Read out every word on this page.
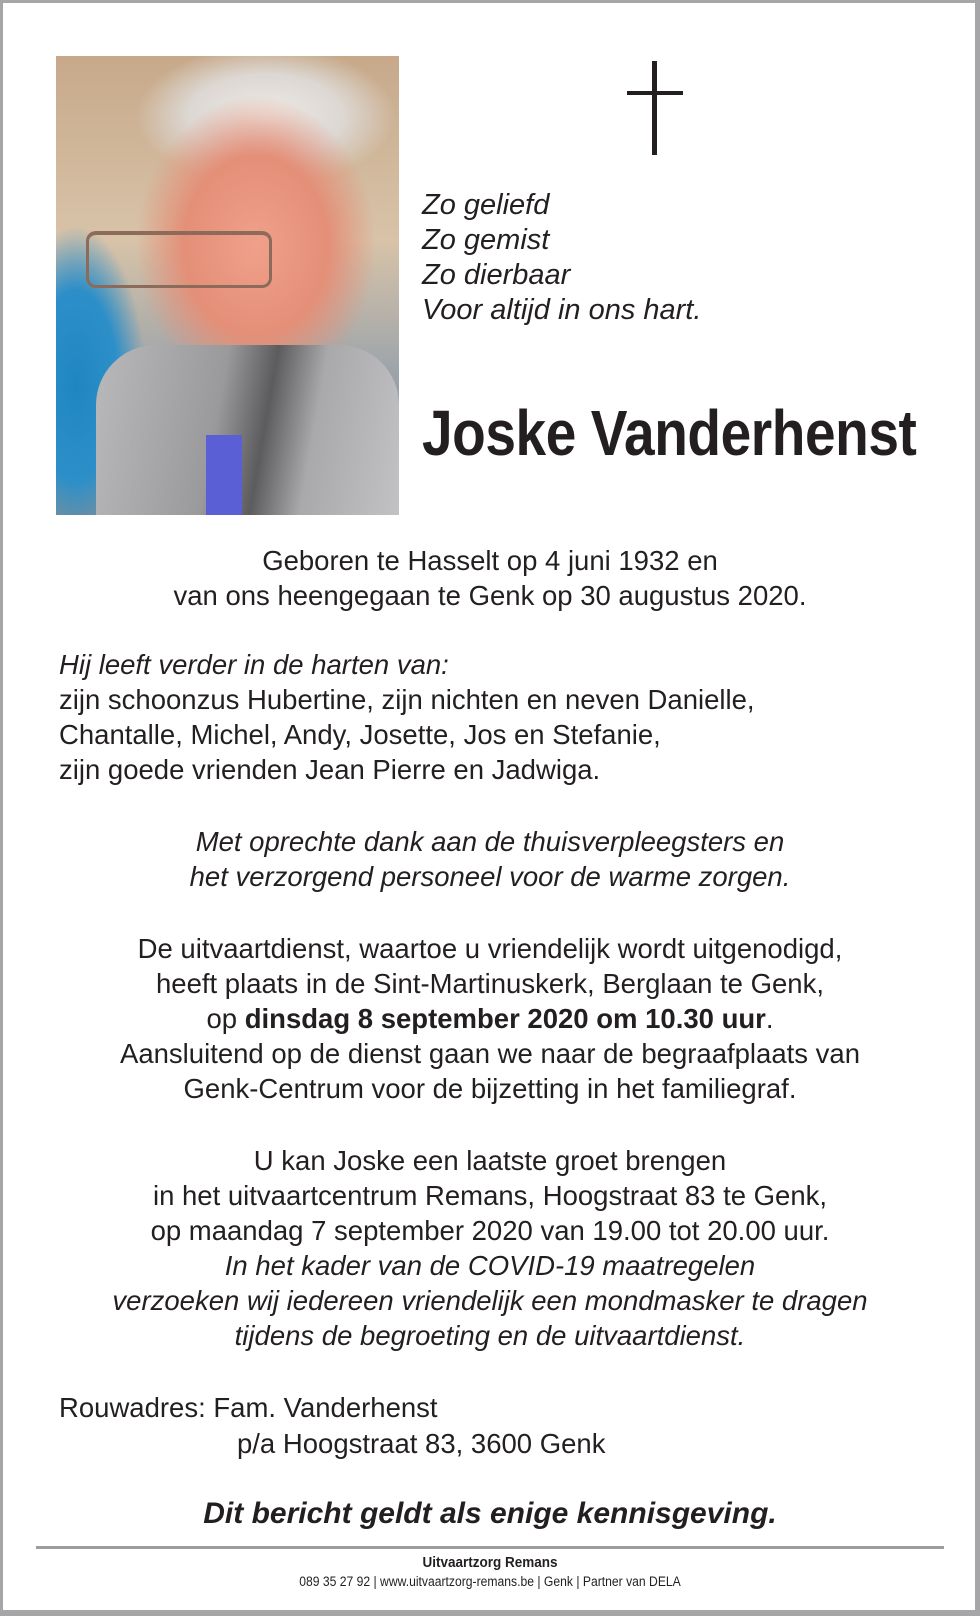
Zo geliefd
Zo gemist
Zo dierbaar
Voor altijd in ons hart.
Joske Vanderhenst
Geboren te Hasselt op 4 juni 1932 en
van ons heengegaan te Genk op 30 augustus 2020.
Hij leeft verder in de harten van:
zijn schoonzus Hubertine, zijn nichten en neven Danielle,
Chantalle, Michel, Andy, Josette, Jos en Stefanie,
zijn goede vrienden Jean Pierre en Jadwiga.
Met oprechte dank aan de thuisverpleegsters en
het verzorgend personeel voor de warme zorgen.
De uitvaartdienst, waartoe u vriendelijk wordt uitgenodigd,
heeft plaats in de Sint-Martinuskerk, Berglaan te Genk,
op dinsdag 8 september 2020 om 10.30 uur.
Aansluitend op de dienst gaan we naar de begraafplaats van
Genk-Centrum voor de bijzetting in het familiegraf.
U kan Joske een laatste groet brengen
in het uitvaartcentrum Remans, Hoogstraat 83 te Genk,
op maandag 7 september 2020 van 19.00 tot 20.00 uur.
In het kader van de COVID-19 maatregelen
verzoeken wij iedereen vriendelijk een mondmasker te dragen
tijdens de begroeting en de uitvaartdienst.
Rouwadres: Fam. Vanderhenst
p/a Hoogstraat 83, 3600 Genk
Dit bericht geldt als enige kennisgeving.
Uitvaartzorg Remans
089 35 27 92 | www.uitvaartzorg-remans.be | Genk | Partner van DELA
